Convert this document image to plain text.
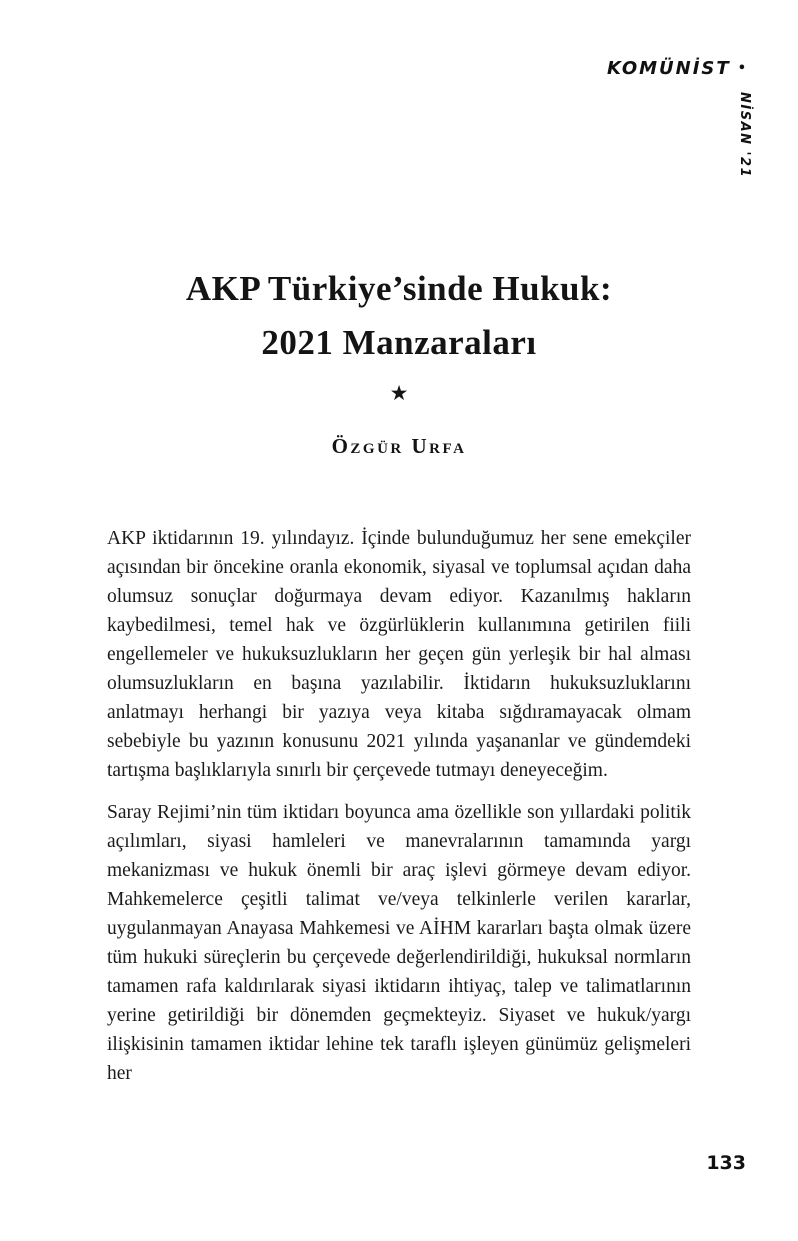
KOMÜNİST •
NİSAN '21
AKP Türkiye’sinde Hukuk:
2021 Manzaraları
★
Özgür Urfa

AKP iktidarının 19. yılındayız. İçinde bulunduğumuz her sene emekçiler açısından bir öncekine oranla ekonomik, siyasal ve toplumsal açıdan daha olumsuz sonuçlar doğurmaya devam ediyor. Kazanılmış hakların kaybedilmesi, temel hak ve özgürlüklerin kullanımına getirilen fiili engellemeler ve hukuksuzlukların her geçen gün yerleşik bir hal alması olumsuzlukların en başına yazılabilir. İktidarın hukuksuzluklarını anlatmayı herhangi bir yazıya veya kitaba sığdıramayacak olmam sebebiyle bu yazının konusunu 2021 yılında yaşananlar ve gündemdeki tartışma başlıklarıyla sınırlı bir çerçevede tutmayı deneyeceğim.

Saray Rejimi’nin tüm iktidarı boyunca ama özellikle son yıllardaki politik açılımları, siyasi hamleleri ve manevralarının tamamında yargı mekanizması ve hukuk önemli bir araç işlevi görmeye devam ediyor. Mahkemelerce çeşitli talimat ve/veya telkinlerle verilen kararlar, uygulanmayan Anayasa Mahkemesi ve AİHM kararları başta olmak üzere tüm hukuki süreçlerin bu çerçevede değerlendirildiği, hukuksal normların tamamen rafa kaldırılarak siyasi iktidarın ihtiyaç, talep ve talimatlarının yerine getirildiği bir dönemden geçmekteyiz. Siyaset ve hukuk/yargı ilişkisinin tamamen iktidar lehine tek taraflı işleyen günümüz gelişmeleri her

133
